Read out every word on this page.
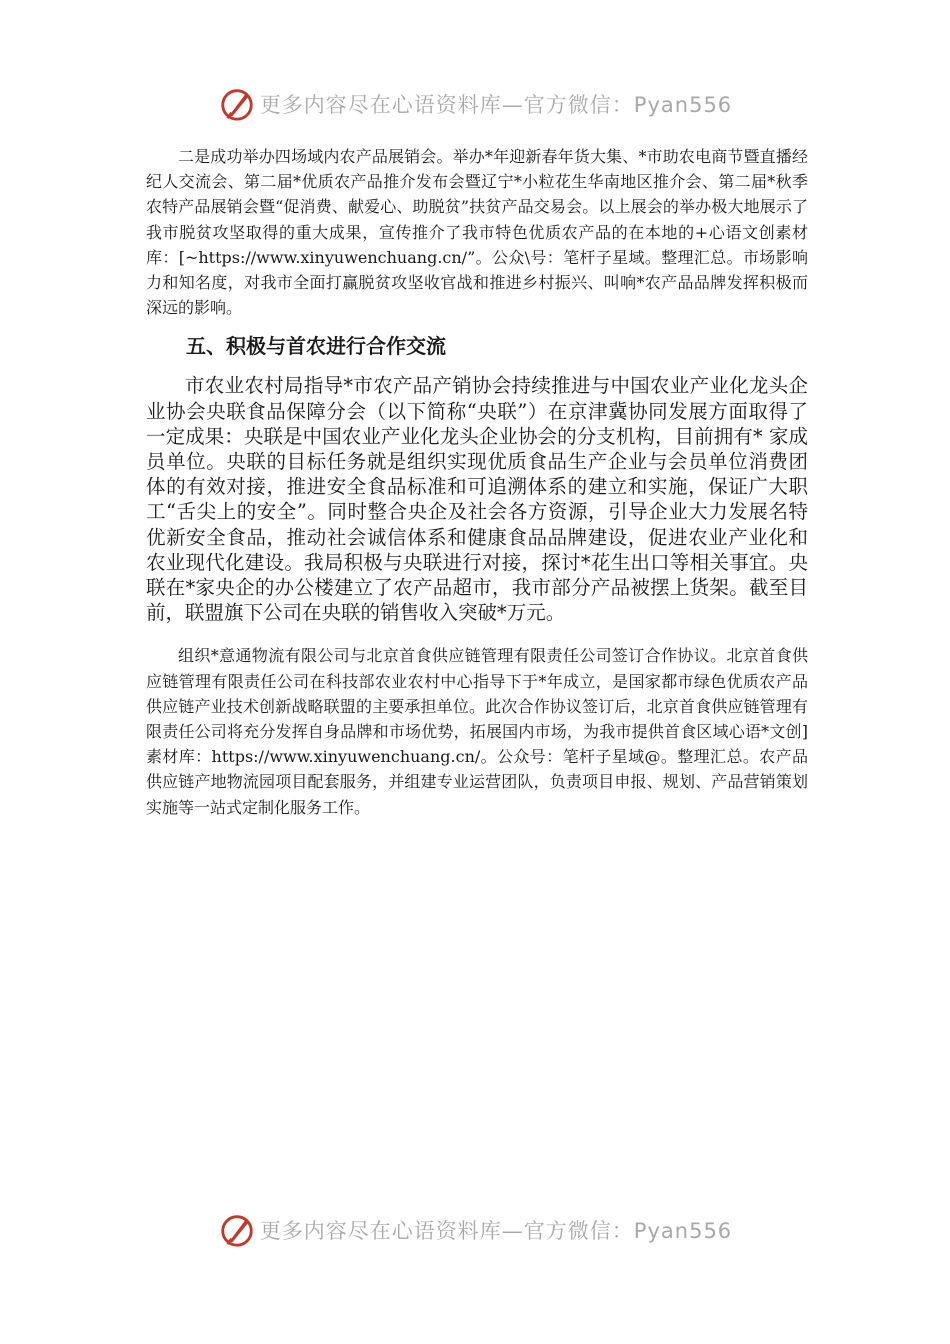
更多内容尽在心语资料库—官方微信：Pyan556

二是成功举办四场域内农产品展销会。举办*年迎新春年货大集、*市助农电商节暨直播经纪人交流会、第二届*优质农产品推介发布会暨辽宁*小粒花生华南地区推介会、第二届*秋季农特产品展销会暨“促消费、献爱心、助脱贫”扶贫产品交易会。以上展会的举办极大地展示了我市脱贫攻坚取得的重大成果，宣传推介了我市特色优质农产品的在本地的+心语文创素材库：[~https://www.xinyuwenchuang.cn/”。公众\号：笔杆子星域。整理汇总。市场影响力和知名度，对我市全面打赢脱贫攻坚收官战和推进乡村振兴、叫响*农产品品牌发挥积极而深远的影响。

五、积极与首农进行合作交流

市农业农村局指导*市农产品产销协会持续推进与中国农业产业化龙头企业协会央联食品保障分会（以下简称“央联”）在京津冀协同发展方面取得了一定成果：央联是中国农业产业化龙头企业协会的分支机构，目前拥有* 家成员单位。央联的目标任务就是组织实现优质食品生产企业与会员单位消费团体的有效对接，推进安全食品标准和可追溯体系的建立和实施，保证广大职工“舌尖上的安全”。同时整合央企及社会各方资源，引导企业大力发展名特优新安全食品，推动社会诚信体系和健康食品品牌建设，促进农业产业化和农业现代化建设。我局积极与央联进行对接，探讨*花生出口等相关事宜。央联在*家央企的办公楼建立了农产品超市，我市部分产品被摆上货架。截至目前，联盟旗下公司在央联的销售收入突破*万元。

组织*意通物流有限公司与北京首食供应链管理有限责任公司签订合作协议。北京首食供应链管理有限责任公司在科技部农业农村中心指导下于*年成立，是国家都市绿色优质农产品供应链产业技术创新战略联盟的主要承担单位。此次合作协议签订后，北京首食供应链管理有限责任公司将充分发挥自身品牌和市场优势，拓展国内市场，为我市提供首食区域心语*文创]素材库：https://www.xinyuwenchuang.cn/。公众号：笔杆子星域@。整理汇总。农产品供应链产地物流园项目配套服务，并组建专业运营团队，负责项目申报、规划、产品营销策划实施等一站式定制化服务工作。

更多内容尽在心语资料库—官方微信：Pyan556
